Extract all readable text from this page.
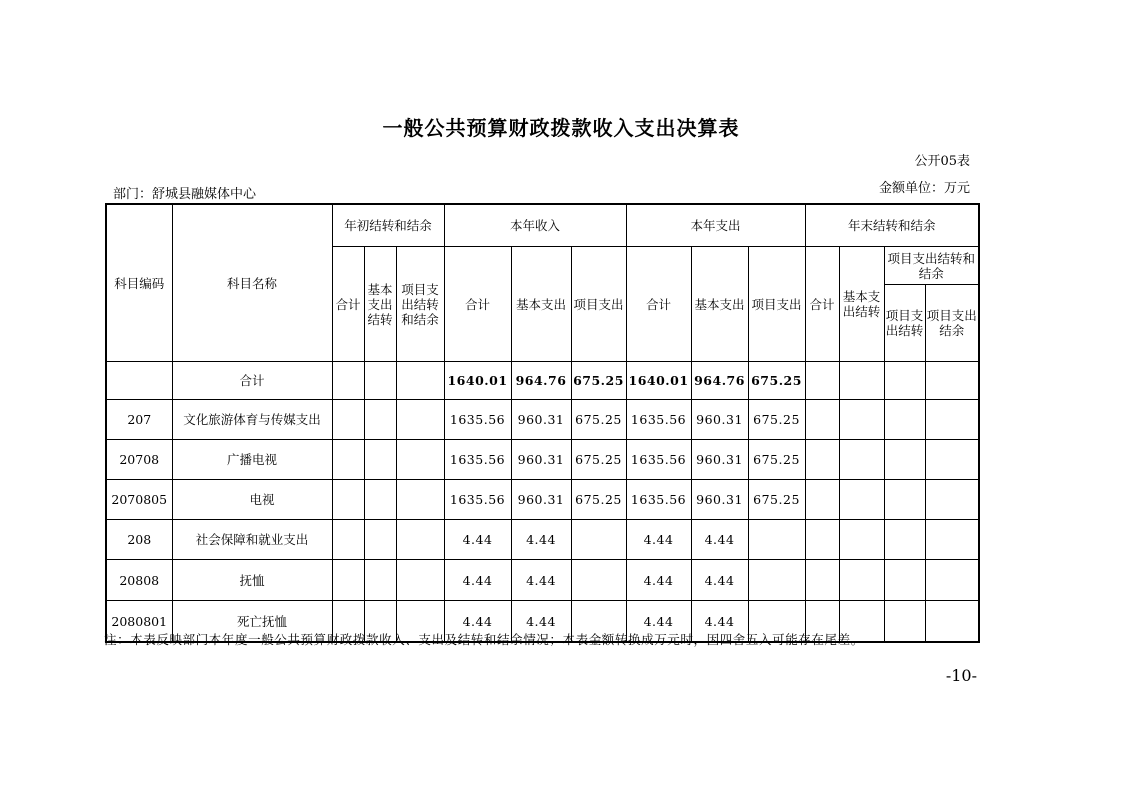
一般公共预算财政拨款收入支出决算表
公开05表
金额单位：万元
部门：舒城县融媒体中心
科目编码	科目名称	年初结转和结余			本年收入			本年支出			年末结转和结余			
		合计	基本支出结转	项目支出结转和结余	合计	基本支出	项目支出	合计	基本支出	项目支出	合计	基本支出结转	项目支出结转和结余	
													项目支出结转	项目支出结余
	合计				1640.01	964.76	675.25	1640.01	964.76	675.25				
207	文化旅游体育与传媒支出				1635.56	960.31	675.25	1635.56	960.31	675.25				
20708	广播电视				1635.56	960.31	675.25	1635.56	960.31	675.25				
2070805	电视				1635.56	960.31	675.25	1635.56	960.31	675.25				
208	社会保障和就业支出				4.44	4.44		4.44	4.44					
20808	抚恤				4.44	4.44		4.44	4.44					
2080801	死亡抚恤				4.44	4.44		4.44	4.44					
注：本表反映部门本年度一般公共预算财政拨款收入、支出及结转和结余情况；本表金额转换成万元时，因四舍五入可能存在尾差。
-10-
